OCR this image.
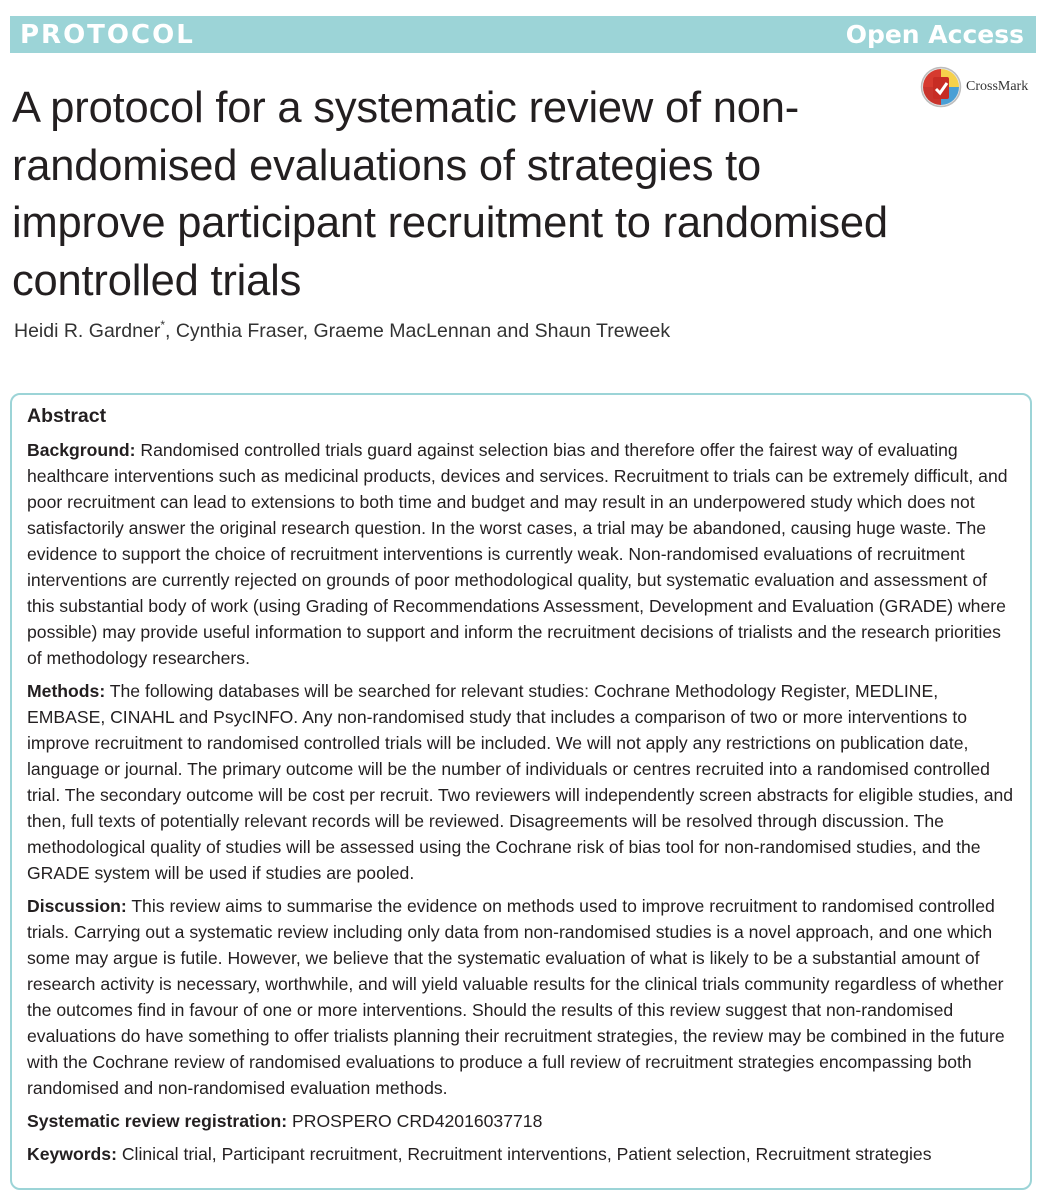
PROTOCOL	Open Access
CrossMark
A protocol for a systematic review of non-randomised evaluations of strategies to improve participant recruitment to randomised controlled trials
Heidi R. Gardner*, Cynthia Fraser, Graeme MacLennan and Shaun Treweek
Abstract

Background: Randomised controlled trials guard against selection bias and therefore offer the fairest way of evaluating healthcare interventions such as medicinal products, devices and services. Recruitment to trials can be extremely difficult, and poor recruitment can lead to extensions to both time and budget and may result in an underpowered study which does not satisfactorily answer the original research question. In the worst cases, a trial may be abandoned, causing huge waste. The evidence to support the choice of recruitment interventions is currently weak. Non-randomised evaluations of recruitment interventions are currently rejected on grounds of poor methodological quality, but systematic evaluation and assessment of this substantial body of work (using Grading of Recommendations Assessment, Development and Evaluation (GRADE) where possible) may provide useful information to support and inform the recruitment decisions of trialists and the research priorities of methodology researchers.

Methods: The following databases will be searched for relevant studies: Cochrane Methodology Register, MEDLINE, EMBASE, CINAHL and PsycINFO. Any non-randomised study that includes a comparison of two or more interventions to improve recruitment to randomised controlled trials will be included. We will not apply any restrictions on publication date, language or journal. The primary outcome will be the number of individuals or centres recruited into a randomised controlled trial. The secondary outcome will be cost per recruit. Two reviewers will independently screen abstracts for eligible studies, and then, full texts of potentially relevant records will be reviewed. Disagreements will be resolved through discussion. The methodological quality of studies will be assessed using the Cochrane risk of bias tool for non-randomised studies, and the GRADE system will be used if studies are pooled.

Discussion: This review aims to summarise the evidence on methods used to improve recruitment to randomised controlled trials. Carrying out a systematic review including only data from non-randomised studies is a novel approach, and one which some may argue is futile. However, we believe that the systematic evaluation of what is likely to be a substantial amount of research activity is necessary, worthwhile, and will yield valuable results for the clinical trials community regardless of whether the outcomes find in favour of one or more interventions. Should the results of this review suggest that non-randomised evaluations do have something to offer trialists planning their recruitment strategies, the review may be combined in the future with the Cochrane review of randomised evaluations to produce a full review of recruitment strategies encompassing both randomised and non-randomised evaluation methods.

Systematic review registration: PROSPERO CRD42016037718

Keywords: Clinical trial, Participant recruitment, Recruitment interventions, Patient selection, Recruitment strategies
